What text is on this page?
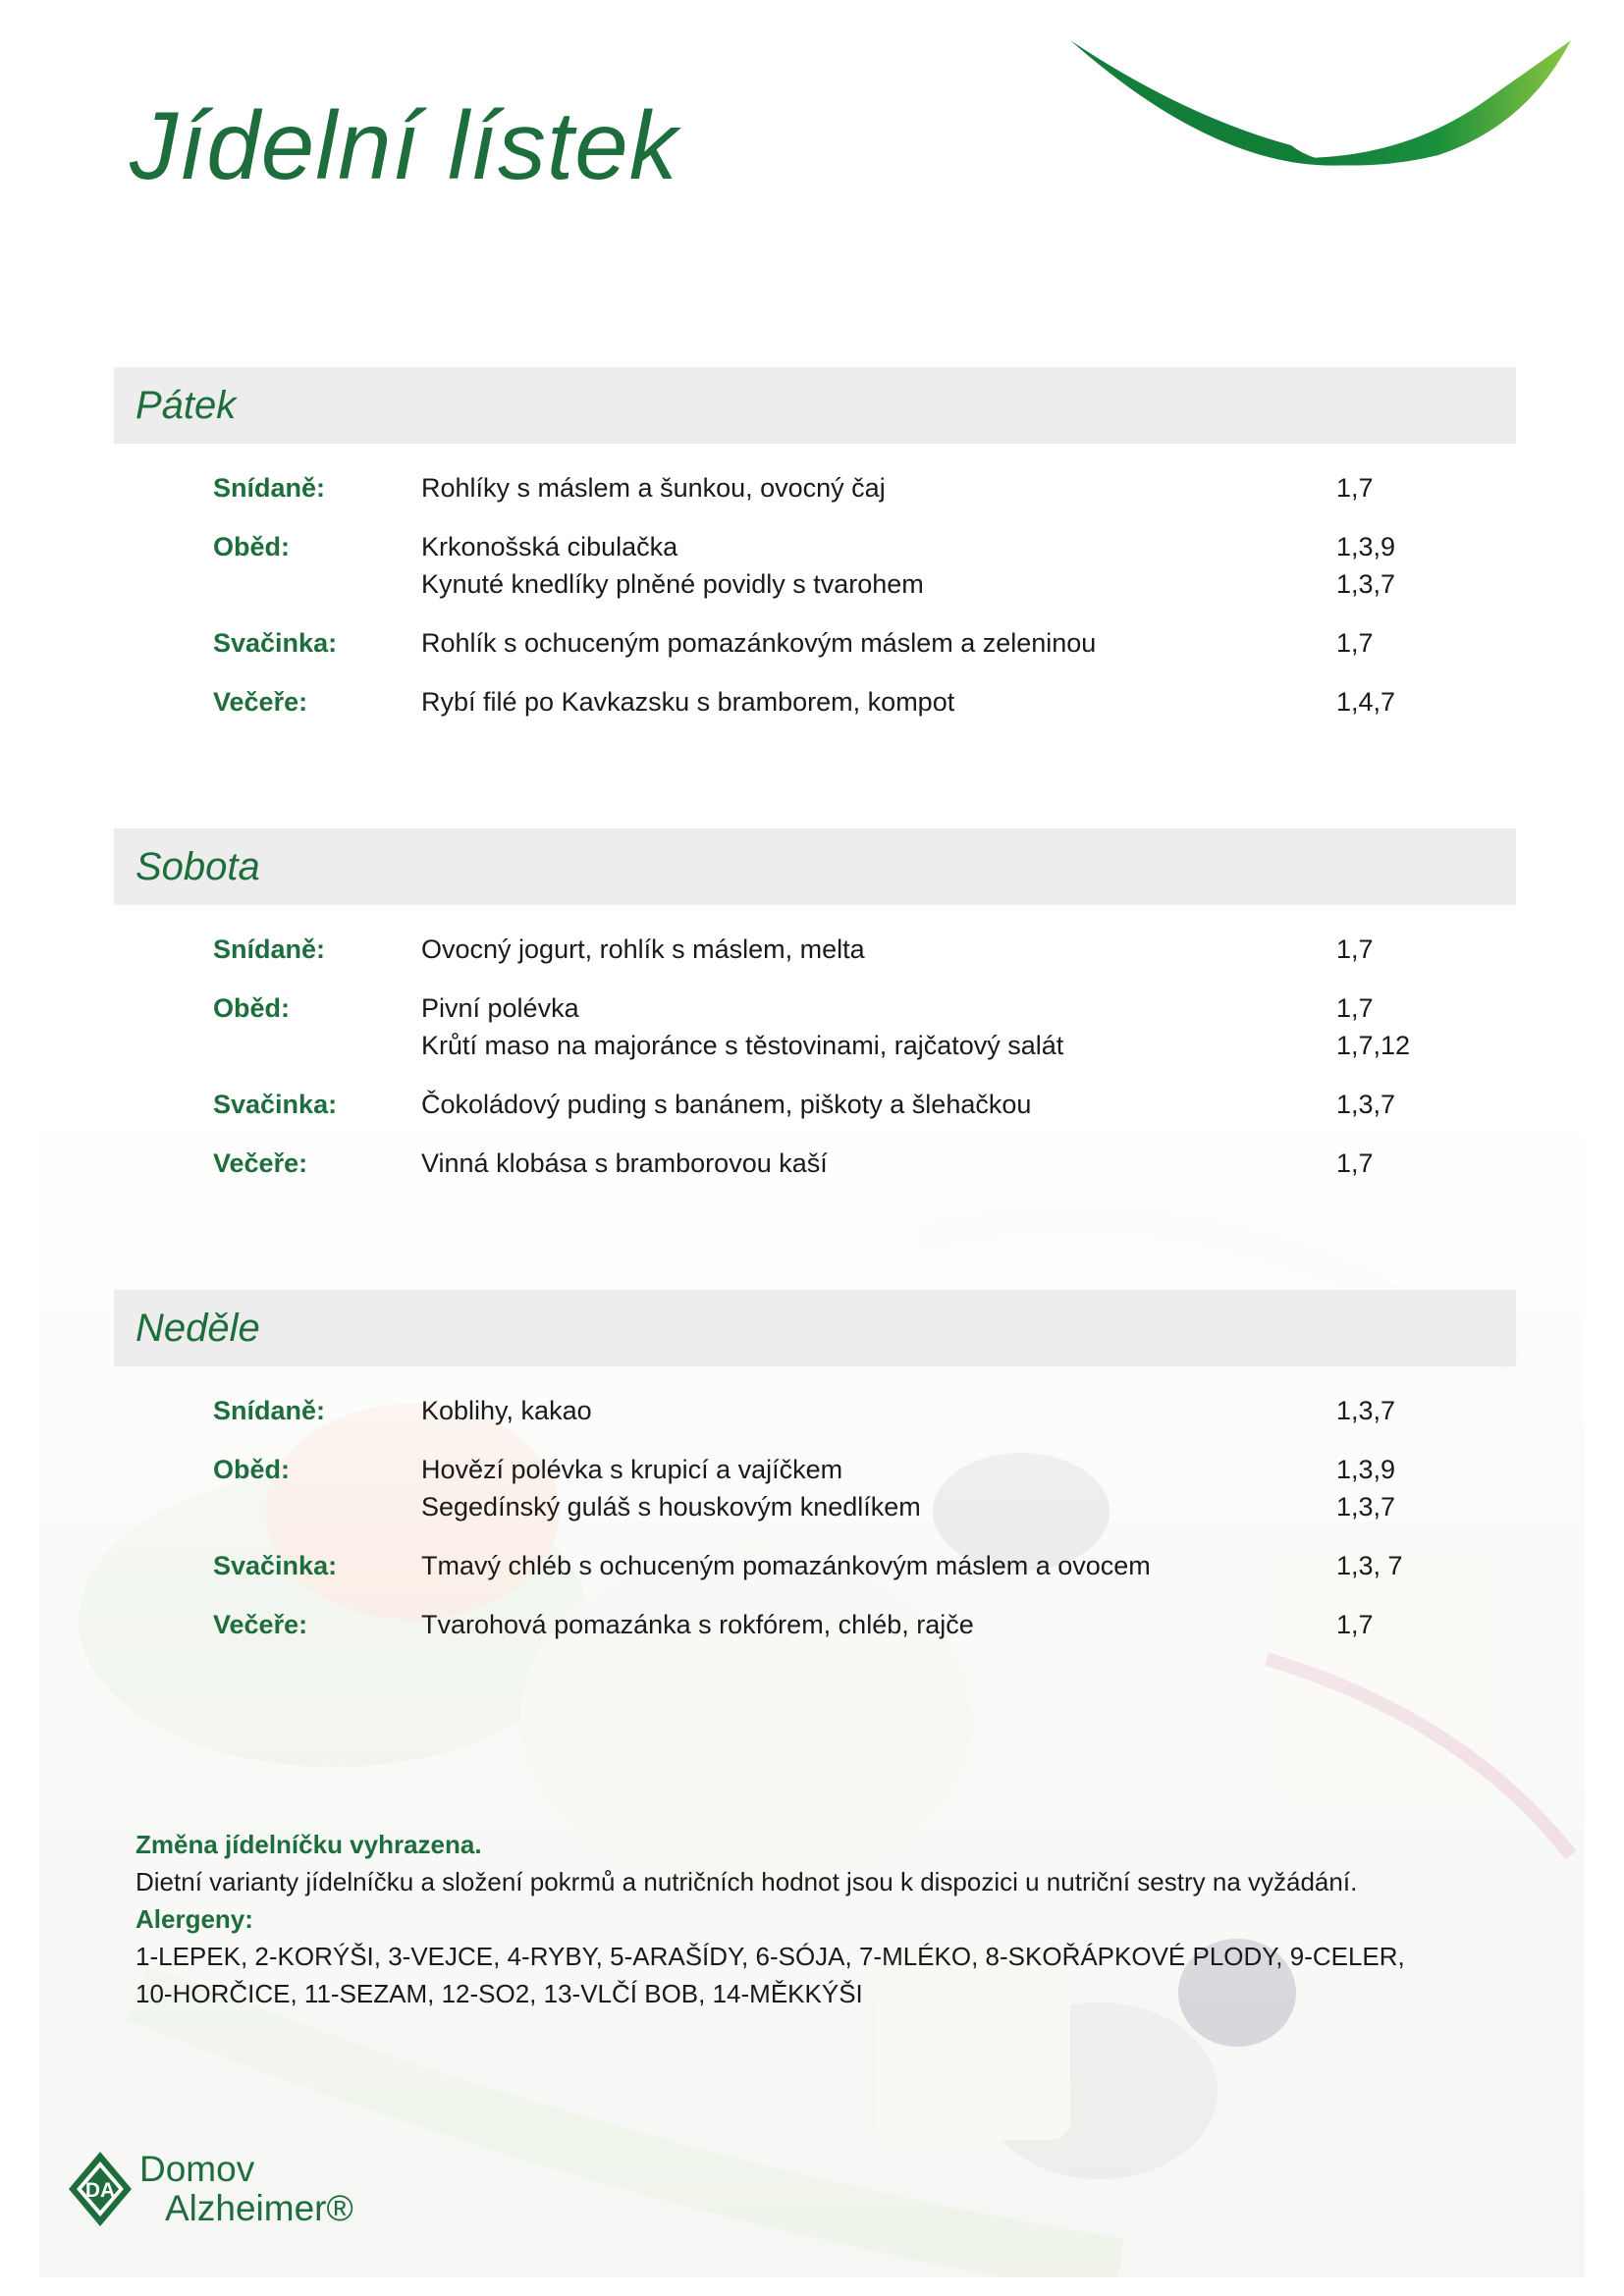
Jídelní lístek
Pátek
Snídaně:	Rohlíky s máslem a šunkou, ovocný čaj	1,7
Oběd:	Krkonošská cibulačka	1,3,9
Kynuté knedlíky plněné povidly s tvarohem	1,3,7
Svačinka:	Rohlík s ochuceným pomazánkovým máslem a zeleninou	1,7
Večeře:	Rybí filé po Kavkazsku s bramborem, kompot	1,4,7
Sobota
Snídaně:	Ovocný jogurt, rohlík s máslem, melta	1,7
Oběd:	Pivní polévka	1,7
Krůtí maso na majoránce s těstovinami, rajčatový salát	1,7,12
Svačinka:	Čokoládový puding s banánem, piškoty a šlehačkou	1,3,7
Večeře:	Vinná klobása s bramborovou kaší	1,7
Neděle
Snídaně:	Koblihy, kakao	1,3,7
Oběd:	Hovězí polévka s krupicí a vajíčkem	1,3,9
Segedínský guláš s houskovým knedlíkem	1,3,7
Svačinka:	Tmavý chléb s ochuceným pomazánkovým máslem a ovocem	1,3, 7
Večeře:	Tvarohová pomazánka s rokfórem, chléb, rajče	1,7
Změna jídelníčku vyhrazena.
Dietní varianty jídelníčku a složení pokrmů a nutričních hodnot jsou k dispozici u nutriční sestry na vyžádání.
Alergeny:
1-LEPEK, 2-KORÝŠI, 3-VEJCE, 4-RYBY, 5-ARAŠÍDY, 6-SÓJA, 7-MLÉKO, 8-SKOŘÁPKOVÉ PLODY, 9-CELER,
10-HORČICE, 11-SEZAM, 12-SO2, 13-VLČÍ BOB, 14-MĚKKÝŠI
DA
Domov
Alzheimer®
